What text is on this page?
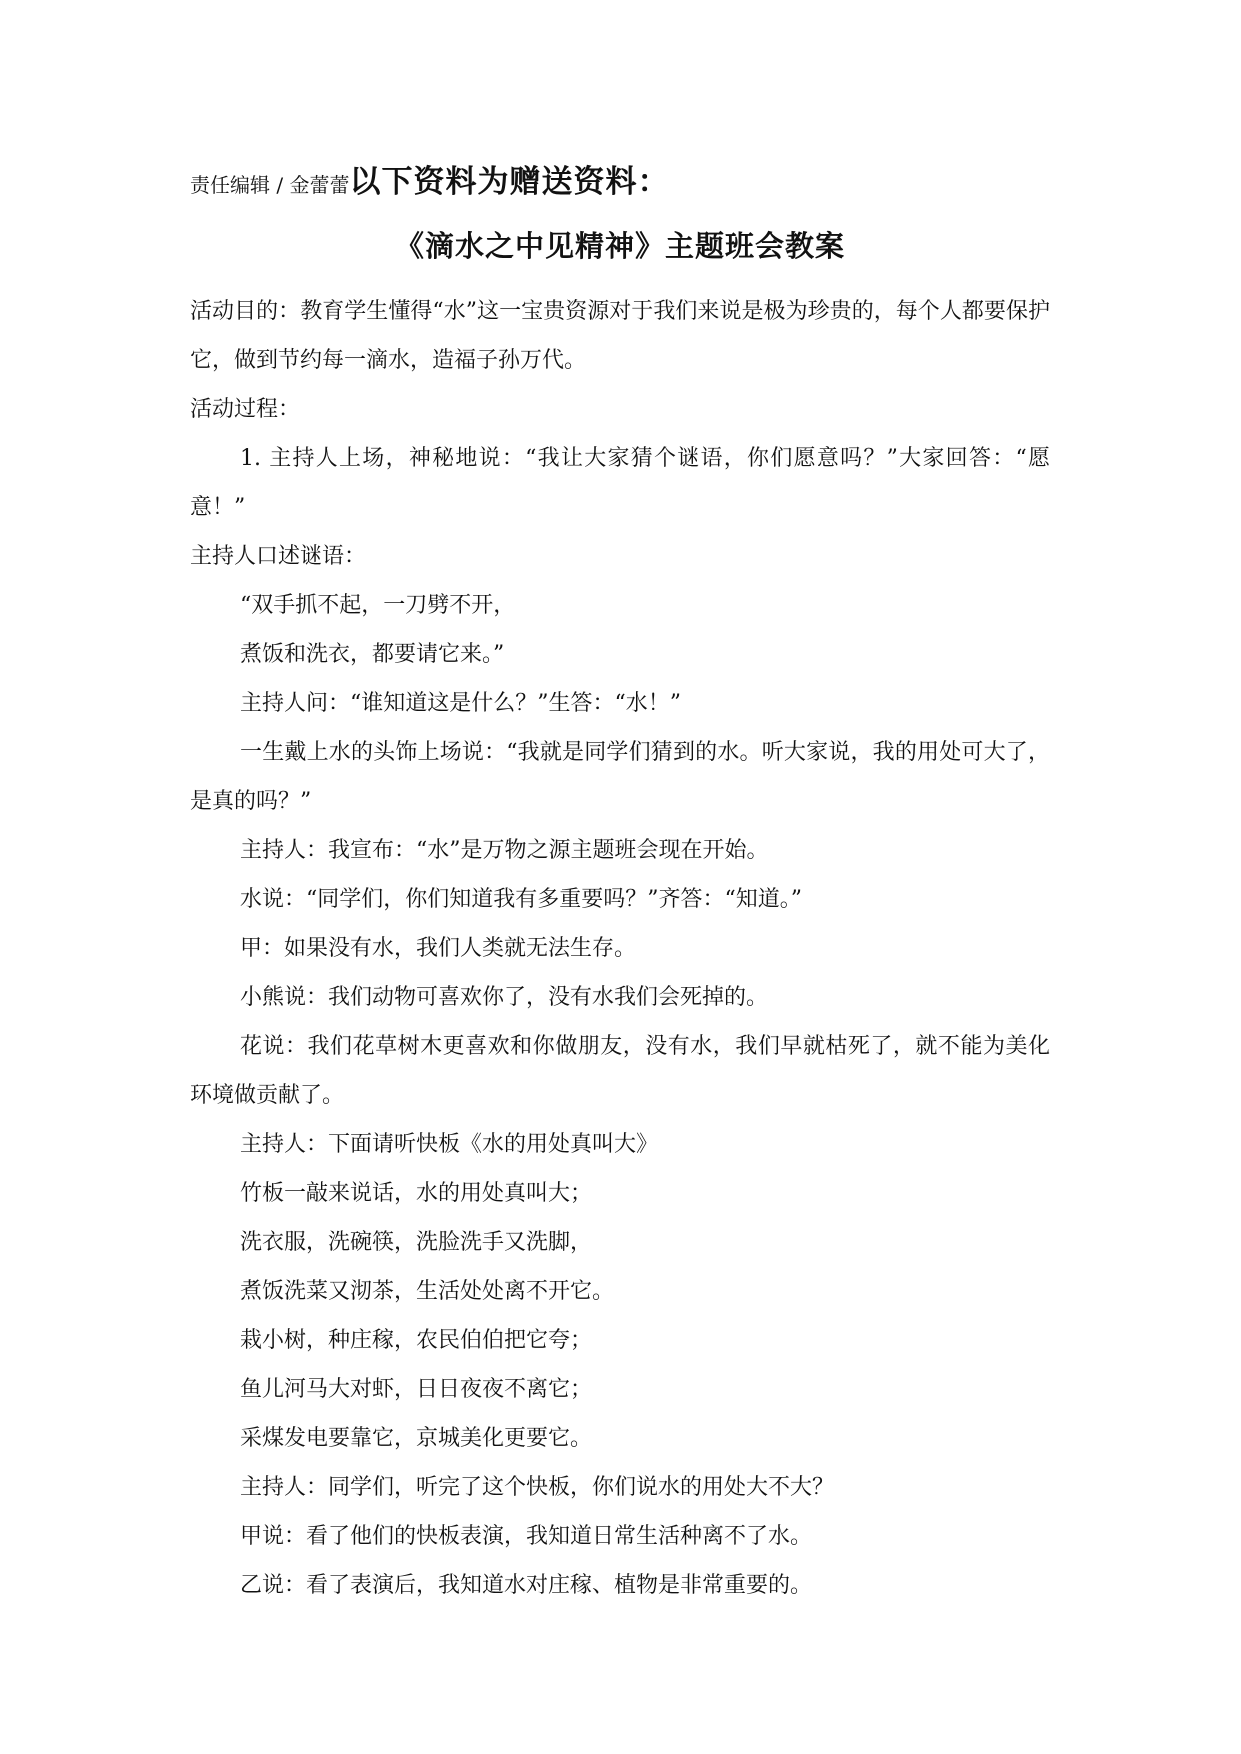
责任编辑 / 金蕾蕾以下资料为赠送资料：
《滴水之中见精神》主题班会教案

活动目的：教育学生懂得“水”这一宝贵资源对于我们来说是极为珍贵的，每个人都要保护它，做到节约每一滴水，造福子孙万代。

活动过程：

1. 主持人上场，神秘地说：“我让大家猜个谜语，你们愿意吗？”大家回答：“愿意！”

主持人口述谜语：

“双手抓不起，一刀劈不开，

煮饭和洗衣，都要请它来。”

主持人问：“谁知道这是什么？”生答：“水！”

一生戴上水的头饰上场说：“我就是同学们猜到的水。听大家说，我的用处可大了，是真的吗？”

主持人：我宣布：“水”是万物之源主题班会现在开始。

水说：“同学们，你们知道我有多重要吗？”齐答：“知道。”

甲：如果没有水，我们人类就无法生存。

小熊说：我们动物可喜欢你了，没有水我们会死掉的。

花说：我们花草树木更喜欢和你做朋友，没有水，我们早就枯死了，就不能为美化环境做贡献了。

主持人：下面请听快板《水的用处真叫大》

竹板一敲来说话，水的用处真叫大；

洗衣服，洗碗筷，洗脸洗手又洗脚，

煮饭洗菜又沏茶，生活处处离不开它。

栽小树，种庄稼，农民伯伯把它夸；

鱼儿河马大对虾，日日夜夜不离它；

采煤发电要靠它，京城美化更要它。

主持人：同学们，听完了这个快板，你们说水的用处大不大？

甲说：看了他们的快板表演，我知道日常生活种离不了水。

乙说：看了表演后，我知道水对庄稼、植物是非常重要的。
